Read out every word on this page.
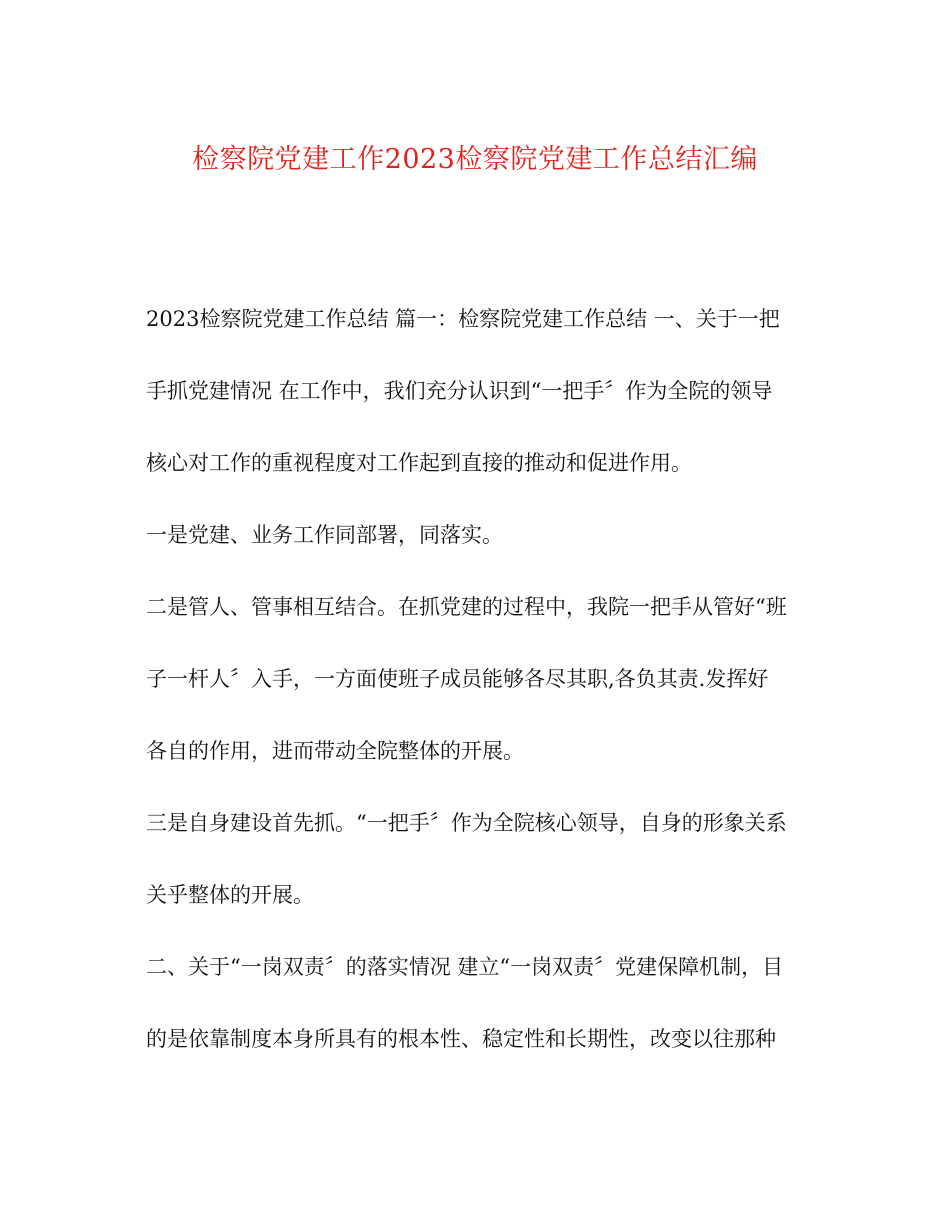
检察院党建工作2023检察院党建工作总结汇编
2023检察院党建工作总结 篇一：检察院党建工作总结 一、关于一把
手抓党建情况 在工作中，我们充分认识到“一把手〞作为全院的领导
核心对工作的重视程度对工作起到直接的推动和促进作用。
一是党建、业务工作同部署，同落实。
二是管人、管事相互结合。在抓党建的过程中，我院一把手从管好“班
子一杆人〞入手，一方面使班子成员能够各尽其职,各负其责.发挥好
各自的作用，进而带动全院整体的开展。
三是自身建设首先抓。“一把手〞作为全院核心领导，自身的形象关系
关乎整体的开展。
二、关于“一岗双责〞的落实情况 建立“一岗双责〞党建保障机制，目
的是依靠制度本身所具有的根本性、稳定性和长期性，改变以往那种
